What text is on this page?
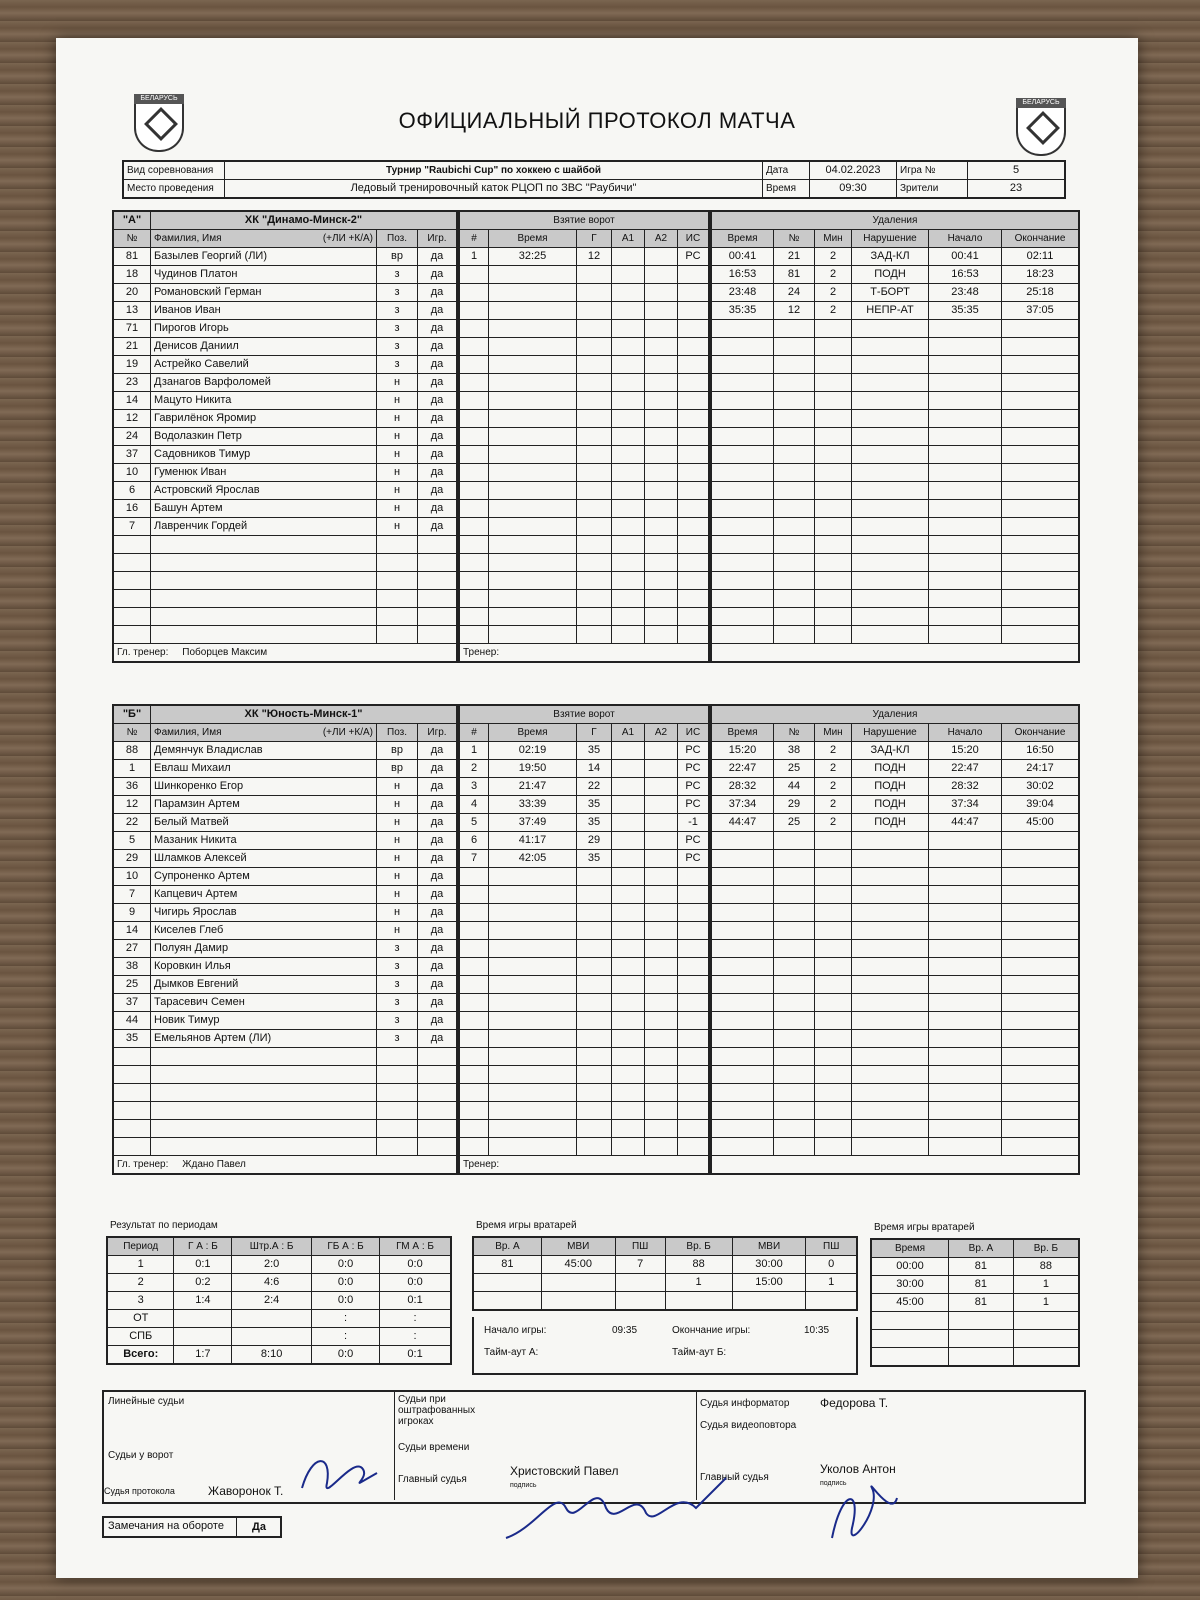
БЕЛАРУСЬ
БЕЛАРУСЬ
ОФИЦИАЛЬНЫЙ ПРОТОКОЛ МАТЧА
Вид соревнования	Турнир "Raubichi Cup" по хоккею с шайбой	Дата	04.02.2023	Игра №	5
Место проведения	Ледовый тренировочный каток РЦОП по ЗВС "Раубичи"	Время	09:30	Зрители	23
"А"	ХК "Динамо-Минск-2"		
№	Фамилия, Имя (+ЛИ +К/А)	Поз.	Игр.
81	Базылев Георгий (ЛИ)	вр	да
18	Чудинов Платон	з	да
20	Романовский Герман	з	да
13	Иванов Иван	з	да
71	Пирогов Игорь	з	да
21	Денисов Даниил	з	да
19	Астрейко Савелий	з	да
23	Дзанагов Варфоломей	н	да
14	Мацуто Никита	н	да
12	Гаврилёнок Яромир	н	да
24	Водолазкин Петр	н	да
37	Садовников Тимур	н	да
10	Гуменюк Иван	н	да
6	Астровский Ярослав	н	да
16	Башун Артем	н	да
7	Лавренчик Гордей	н	да

Гл. тренер: Поборцев Максим			
Взятие ворот					
#	Время	Г	А1	А2	ИС
1	32:25	12			РС

Тренер:					
Удаления					
Время	№	Мин	Нарушение	Начало	Окончание
00:41	21	2	ЗАД-КЛ	00:41	02:11
16:53	81	2	ПОДН	16:53	18:23
23:48	24	2	Т-БОРТ	23:48	25:18
35:35	12	2	НЕПР-АТ	35:35	37:05

"Б"	ХК "Юность-Минск-1"		
№	Фамилия, Имя (+ЛИ +К/А)	Поз.	Игр.
88	Демянчук Владислав	вр	да
1	Евлаш Михаил	вр	да
36	Шинкоренко Егор	н	да
12	Парамзин Артем	н	да
22	Белый Матвей	н	да
5	Мазаник Никита	н	да
29	Шламков Алексей	н	да
10	Супроненко Артем	н	да
7	Капцевич Артем	н	да
9	Чигирь Ярослав	н	да
14	Киселев Глеб	н	да
27	Полуян Дамир	з	да
38	Коровкин Илья	з	да
25	Дымков Евгений	з	да
37	Тарасевич Семен	з	да
44	Новик Тимур	з	да
35	Емельянов Артем (ЛИ)	з	да

Гл. тренер: Ждано Павел			
Взятие ворот					
#	Время	Г	А1	А2	ИС
1	02:19	35			РС
2	19:50	14			РС
3	21:47	22			РС
4	33:39	35			РС
5	37:49	35			-1
6	41:17	29			РС
7	42:05	35			РС

Тренер:					
Удаления					
Время	№	Мин	Нарушение	Начало	Окончание
15:20	38	2	ЗАД-КЛ	15:20	16:50
22:47	25	2	ПОДН	22:47	24:17
28:32	44	2	ПОДН	28:32	30:02
37:34	29	2	ПОДН	37:34	39:04
44:47	25	2	ПОДН	44:47	45:00

Результат по периодам
Период	Г А : Б	Штр.А : Б	ГБ А : Б	ГМ А : Б
1	0:1	2:0	0:0	0:0
2	0:2	4:6	0:0	0:0
3	1:4	2:4	0:0	0:1
ОТ			:	:
СПБ			:	:
Всего:	1:7	8:10	0:0	0:1
Время игры вратарей
Вр. А	МВИ	ПШ	Вр. Б	МВИ	ПШ
81	45:00	7	88	30:00	0
			1	15:00	1

Начало игры:	09:35	Окончание игры:	10:35
Тайм-аут А:	Тайм-аут Б:
Время игры вратарей
Время	Вр. А	Вр. Б
00:00	81	88
30:00	81	1
45:00	81	1

Линейные судьи
Судьи у ворот
Судья протокола	Жаворонок Т.
Судьи при оштрафованных игроках
Судьи времени
Главный судья
Христовский Павел
подпись
Судья информатор	Федорова Т.
Судья видеоповтора
Главный судья
Уколов Антон
подпись
Замечания на обороте	Да
